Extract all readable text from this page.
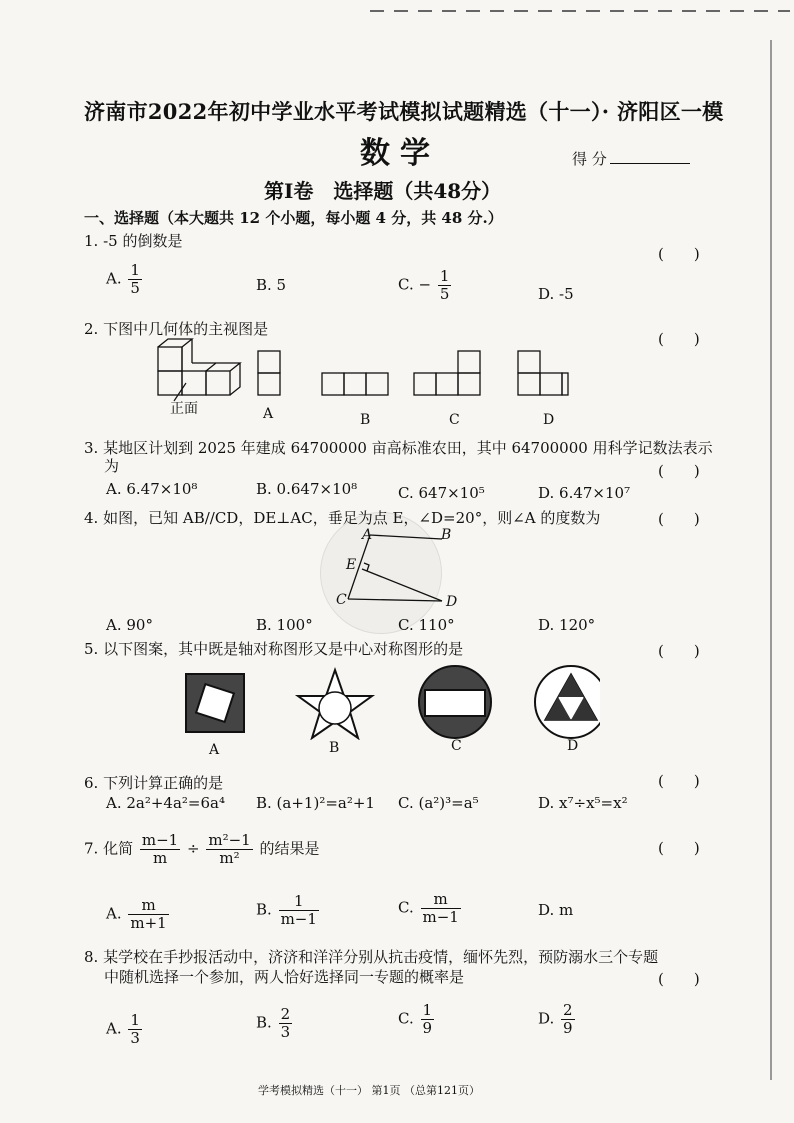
济南市2022年初中学业水平考试模拟试题精选（十一）· 济阳区一模
数学	得 分
第I卷　选择题（共48分）
一、选择题（本大题共 12 个小题，每小题 4 分，共 48 分.）
1. -5 的倒数是
(　　)
A. $\frac{1}{5}$	B. 5	C. − $\frac{1}{5}$	D. -5
2. 下图中几何体的主视图是
(　　)
正面	A	B	C	D
3. 某地区计划到 2025 年建成 64700000 亩高标准农田，其中 64700000 用科学记数法表示
为	(　　)
A. 6.47×10⁸	B. 0.647×10⁸	C. 647×10⁵	D. 6.47×10⁷
4. 如图，已知 AB//CD，DE⊥AC，垂足为点 E，∠D=20°，则∠A 的度数为	(　　)
A	B
E
C	D
A. 90°	B. 100°	C. 110°	D. 120°
5. 以下图案，其中既是轴对称图形又是中心对称图形的是	(　　)
A	B	C	D
6. 下列计算正确的是	(　　)
A. 2a²+4a²=6a⁴ B. (a+1)²=a²+1 C. (a²)³=a⁵	D. x⁷÷x⁵=x²
7. 化简 $\frac{m-1}{m} \div \frac{\text{m²−1}}{\text{m²}}$ 的结果是	(　　)
A. $\frac{m}{m+1}$	B. $\frac{1}{m-1}$	C. $\frac{m}{m-1}$	D. m
8. 某学校在手抄报活动中，济济和洋洋分别从抗击疫情，缅怀先烈，预防溺水三个专题
中随机选择一个参加，两人恰好选择同一专题的概率是	(　　)
A. $\frac{1}{3}$	B. $\frac{2}{3}$	C. $\frac{1}{9}$	D. $\frac{2}{9}$
学考模拟精选（十一） 第1页 （总第121页）
